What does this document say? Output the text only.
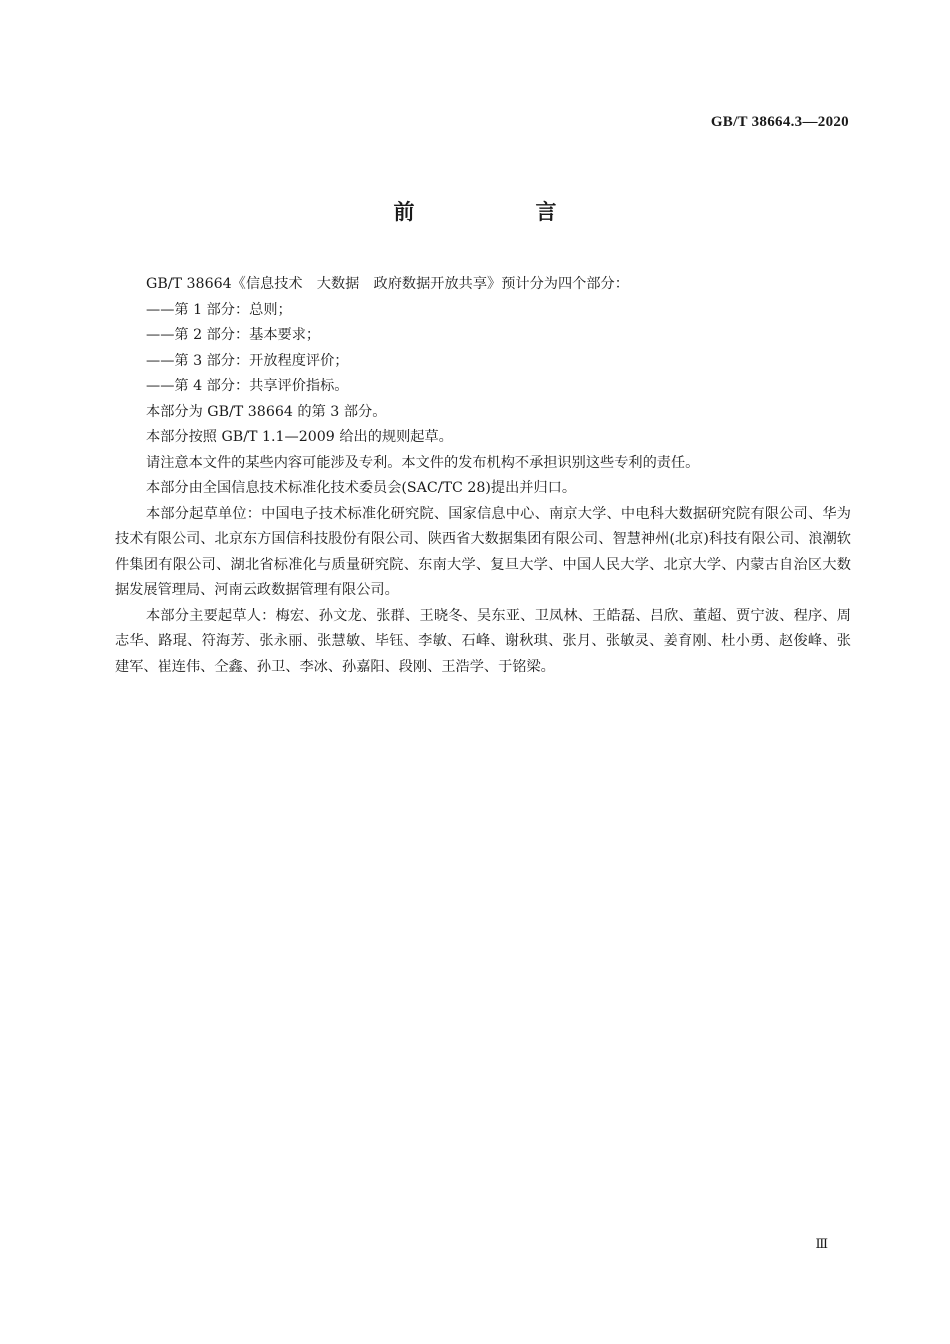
GB/T 38664.3—2020
前　言

GB/T 38664《信息技术　大数据　政府数据开放共享》预计分为四个部分：

——第 1 部分：总则；

——第 2 部分：基本要求；

——第 3 部分：开放程度评价；

——第 4 部分：共享评价指标。

本部分为 GB/T 38664 的第 3 部分。

本部分按照 GB/T 1.1—2009 给出的规则起草。

请注意本文件的某些内容可能涉及专利。本文件的发布机构不承担识别这些专利的责任。

本部分由全国信息技术标准化技术委员会(SAC/TC 28)提出并归口。

本部分起草单位：中国电子技术标准化研究院、国家信息中心、南京大学、中电科大数据研究院有限公司、华为技术有限公司、北京东方国信科技股份有限公司、陕西省大数据集团有限公司、智慧神州(北京)科技有限公司、浪潮软件集团有限公司、湖北省标准化与质量研究院、东南大学、复旦大学、中国人民大学、北京大学、内蒙古自治区大数据发展管理局、河南云政数据管理有限公司。

本部分主要起草人：梅宏、孙文龙、张群、王晓冬、吴东亚、卫凤林、王皓磊、吕欣、董超、贾宁波、程序、周志华、路琨、符海芳、张永丽、张慧敏、毕钰、李敏、石峰、谢秋琪、张月、张敏灵、姜育刚、杜小勇、赵俊峰、张建军、崔连伟、仝鑫、孙卫、李冰、孙嘉阳、段刚、王浩学、于铭梁。

Ⅲ
